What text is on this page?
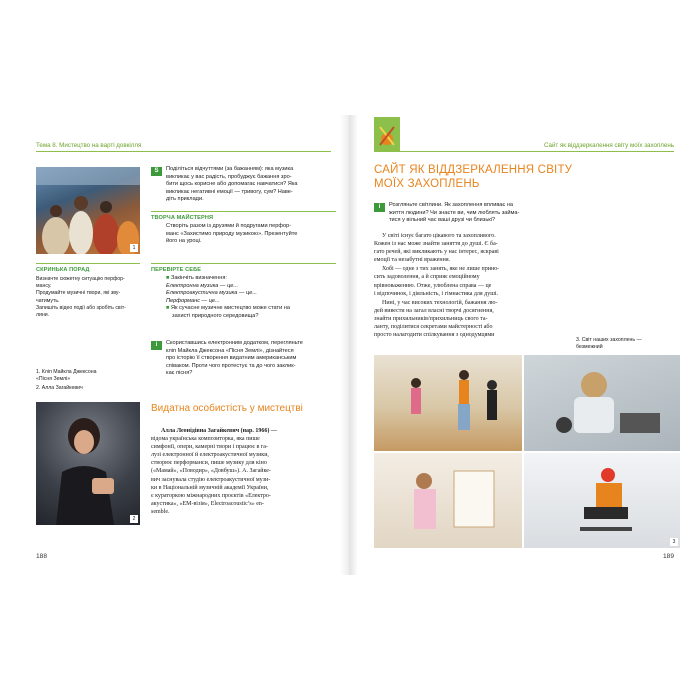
Тема 8. Мистецтво на варті довкілля
1
СКРИНЬКА ПОРАД
Визначте сюжетну ситуацію перфор-
мансу.
Продумайте музичні твори, які зву-
чатимуть.
Запишіть відео події або зробіть світ-
лини.
1. Кліп Майкла Джексона
«Пісня Землі»
2. Алла Загайкевич
2
S	Поділіться відчуттями (за бажанням): яка музика
викликає у вас радість, пробуджує бажання зро-
бити щось корисне або допомагає навчатися? Яка
викликає негативні емоції — тривогу, сум? Наве-
діть приклади.
ТВОРЧА МАЙСТЕРНЯ
Створіть разом із друзями й подругами перфор-
манс «Захистимо природу музикою». Презентуйте
його на уроці.
ПЕРЕВІРТЕ СЕБЕ
■ Закінчіть визначення:
Електронна музика — це...
Електроакустична музика — це...
Перформанс — це...
■ Як сучасне музичне мистецтво може стати на
захисті природного середовища?
i	Скориставшись електронним додатком, перегляньте
кліп Майкла Джексона «Пісня Землі», дізнайтеся
про історію її створення видатним американським
співаком. Проти чого протестує та до чого заклик-
кає пісня?
Видатна особистість у мистецтві
Алла Леонідівна Загайкевич (нар. 1966) —
відома українська композиторка, яка пише
симфонії, опери, камерні твори і працює в га-
лузі електронної й електроакустичної музики,
створює перформанси, пише музику для кіно
(«Мамай», «Поводир», «Довбуш»). А. Загайке-
вич заснувала студію електроакустичної музи-
ки в Національній музичній академії України,
є кураторкою міжнародних проєктів «Електро-
акустика», «ЕМ-візія», Electroacoustic’s» en-
semble.
188
Сайт як віддзеркалення світу моїх захоплень
САЙТ ЯК ВІДДЗЕРКАЛЕННЯ СВІТУ
МОЇХ ЗАХОПЛЕНЬ
i	Розгляньте світлини. Як захоплення впливає на
життя людини? Чи знаєте ви, чим люблять займа-
тися у вільний час ваші друзі чи близькі?
У світі існує багато цікавого та захопливого.
Кожен із нас може знайти заняття до душі. Є ба-
гато речей, які викликають у нас інтерес, яскраві
емоції та незабутні враження.
Хобі — одне з тих занять, яке не лише прино-
сить задоволення, а й сприяє емоційному
врівноваженню. Отже, улюблена справа — це
і відпочинок, і діяльність, і гімнастика для душі.
Нині, у час високих технологій, бажання лю-
дей вивести на загал власні творчі досягнення,
знайти прихильників/прихильниць свого та-
ланту, поділитися секретами майстерності або
просто налагодити спілкування з однодумцями
3. Світ наших захоплень —
безмежний
3
189
